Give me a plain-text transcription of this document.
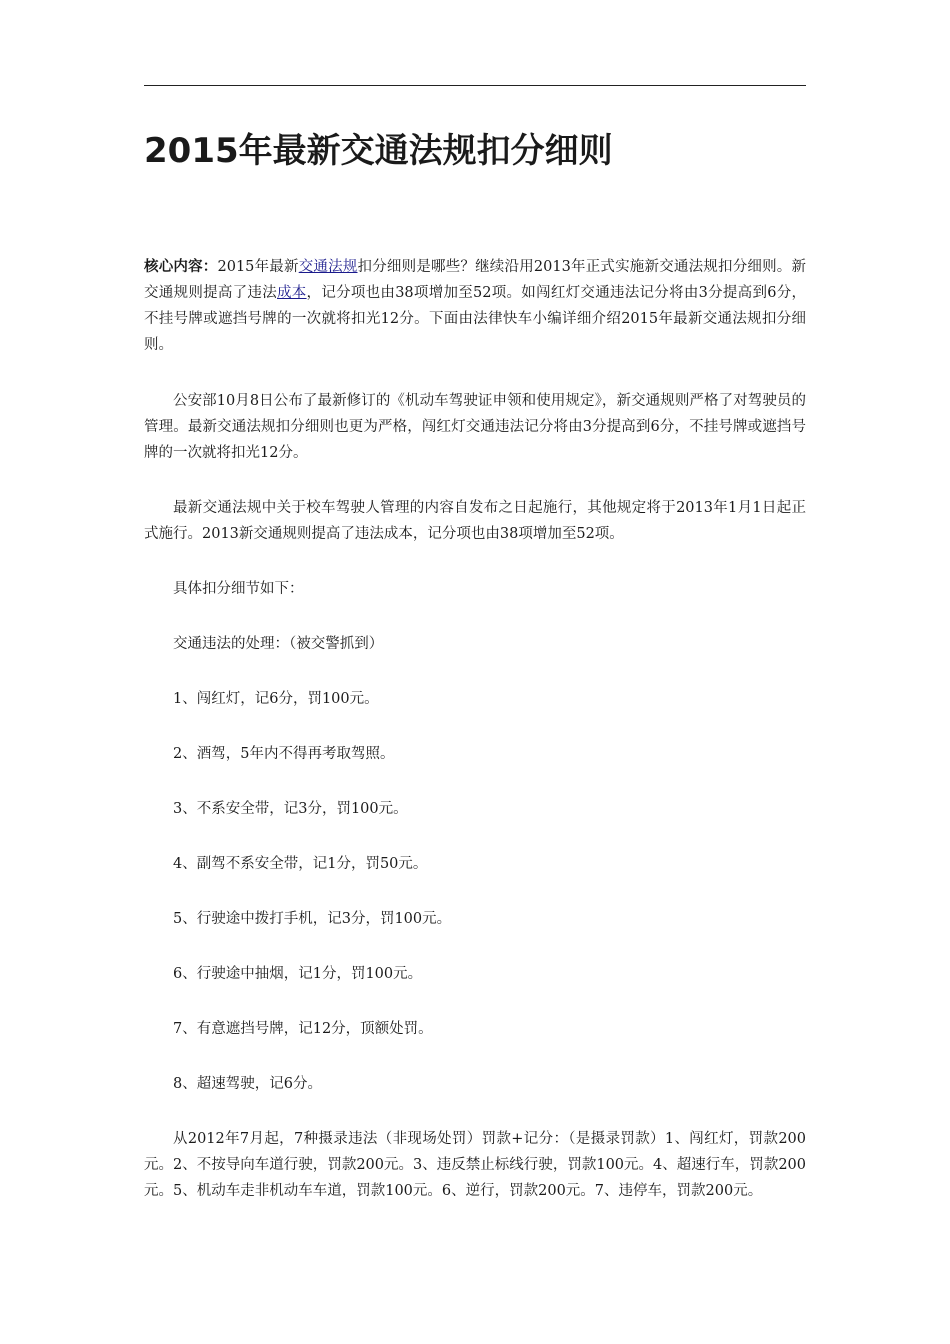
2015年最新交通法规扣分细则

核心内容：2015年最新交通法规扣分细则是哪些？继续沿用2013年正式实施新交通法规扣分细则。新交通规则提高了违法成本，记分项也由38项增加至52项。如闯红灯交通违法记分将由3分提高到6分，不挂号牌或遮挡号牌的一次就将扣光12分。下面由法律快车小编详细介绍2015年最新交通法规扣分细则。

公安部10月8日公布了最新修订的《机动车驾驶证申领和使用规定》，新交通规则严格了对驾驶员的管理。最新交通法规扣分细则也更为严格，闯红灯交通违法记分将由3分提高到6分，不挂号牌或遮挡号牌的一次就将扣光12分。

最新交通法规中关于校车驾驶人管理的内容自发布之日起施行，其他规定将于2013年1月1日起正式施行。2013新交通规则提高了违法成本，记分项也由38项增加至52项。

具体扣分细节如下：

交通违法的处理：（被交警抓到）

1、闯红灯，记6分，罚100元。

2、酒驾，5年内不得再考取驾照。

3、不系安全带，记3分，罚100元。

4、副驾不系安全带，记1分，罚50元。

5、行驶途中拨打手机，记3分，罚100元。

6、行驶途中抽烟，记1分，罚100元。

7、有意遮挡号牌，记12分，顶额处罚。

8、超速驾驶，记6分。

从2012年7月起，7种摄录违法（非现场处罚）罚款+记分：（是摄录罚款）1、闯红灯，罚款200元。2、不按导向车道行驶，罚款200元。3、违反禁止标线行驶，罚款100元。4、超速行车，罚款200元。5、机动车走非机动车车道，罚款100元。6、逆行，罚款200元。7、违停车，罚款200元。
